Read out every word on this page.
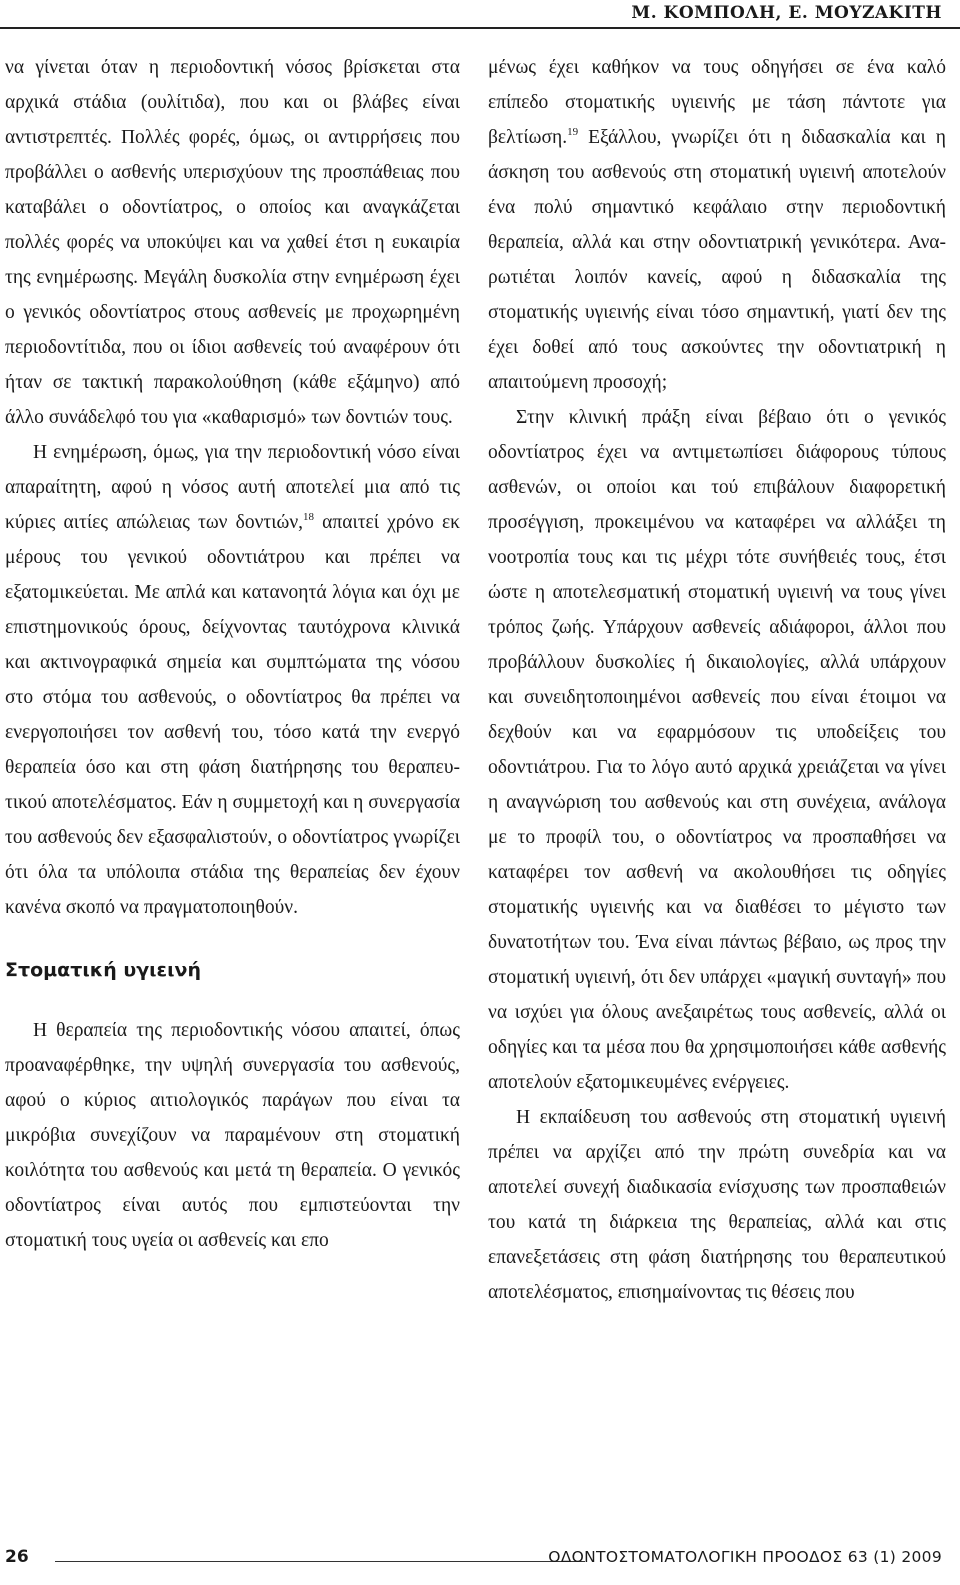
Μ. ΚΟΜΠΟΛΗ, Ε. ΜΟΥΖΑΚΙΤΗ

να γίνεται όταν η περιοδοντική νόσος βρίσκεται στα αρχικά στάδια (ουλίτιδα), που και οι βλάβες είναι αντιστρεπτές. Πολλές φορές, όμως, οι αντιρρήσεις που προβάλλει ο ασθενής υπερισχύουν της προσπάθειας που καταβάλει ο οδοντίατρος, ο οποίος και αναγκάζεται πολλές φορές να υποκύψει και να χαθεί έτσι η ευκαιρία της ενημέρωσης. Μεγάλη δυσκολία στην ενημέρωση έχει ο γενικός οδοντίατρος στους ασθενείς με προχωρημένη περιοδοντίτιδα, που οι ίδιοι ασθενείς τού αναφέρουν ότι ήταν σε τακτική παρακολούθηση (κάθε εξάμηνο) από άλλο συνάδελφό του για «καθαρισμό» των δοντιών τους.

Η ενημέρωση, όμως, για την περιοδοντική νόσο είναι απαραίτητη, αφού η νόσος αυτή αποτελεί μια από τις κύριες αιτίες απώλειας των δοντιών,$^{18}$ απαιτεί χρόνο εκ μέρους του γενικού οδοντιάτρου και πρέπει να εξατομικεύεται. Με απλά και κατανοητά λόγια και όχι με επιστημονικούς όρους, δείχνοντας ταυτόχρονα κλινικά και ακτινογραφικά σημεία και συμπτώματα της νόσου στο στόμα του ασθενούς, ο οδοντίατρος θα πρέπει να ενεργοποιήσει τον ασθενή του, τόσο κατά την ενεργό θεραπεία όσο και στη φάση διατήρησης του θεραπευτικού αποτελέσματος. Εάν η συμμετοχή και η συνεργασία του ασθενούς δεν εξασφαλιστούν, ο οδοντίατρος γνωρίζει ότι όλα τα υπόλοιπα στάδια της θεραπείας δεν έχουν κανένα σκοπό να πραγματοποιηθούν.

Στοματική υγιεινή

Η θεραπεία της περιοδοντικής νόσου απαιτεί, όπως προαναφέρθηκε, την υψηλή συνεργασία του ασθενούς, αφού ο κύριος αιτιολογικός παράγων που είναι τα μικρόβια συνεχίζουν να παραμένουν στη στοματική κοιλότητα του ασθενούς και μετά τη θεραπεία. Ο γενικός οδοντίατρος είναι αυτός που εμπιστεύονται την στοματική τους υγεία οι ασθενείς και επο

μένως έχει καθήκον να τους οδηγήσει σε ένα καλό επίπεδο στοματικής υγιεινής με τάση πάντοτε για βελτίωση.$^{19}$ Εξάλλου, γνωρίζει ότι η διδασκαλία και η άσκηση του ασθενούς στη στοματική υγιεινή αποτελούν ένα πολύ σημαντικό κεφάλαιο στην περιοδοντική θεραπεία, αλλά και στην οδοντιατρική γενικότερα. Αναρωτιέται λοιπόν κανείς, αφού η διδασκαλία της στοματικής υγιεινής είναι τόσο σημαντική, γιατί δεν της έχει δοθεί από τους ασκούντες την οδοντιατρική η απαιτούμενη προσοχή;

Στην κλινική πράξη είναι βέβαιο ότι ο γενικός οδοντίατρος έχει να αντιμετωπίσει διάφορους τύπους ασθενών, οι οποίοι και τού επιβάλουν διαφορετική προσέγγιση, προκειμένου να καταφέρει να αλλάξει τη νοοτροπία τους και τις μέχρι τότε συνήθειές τους, έτσι ώστε η αποτελεσματική στοματική υγιεινή να τους γίνει τρόπος ζωής. Υπάρχουν ασθενείς αδιάφοροι, άλλοι που προβάλλουν δυσκολίες ή δικαιολογίες, αλλά υπάρχουν και συνειδητοποιημένοι ασθενείς που είναι έτοιμοι να δεχθούν και να εφαρμόσουν τις υποδείξεις του οδοντιάτρου. Για το λόγο αυτό αρχικά χρειάζεται να γίνει η αναγνώριση του ασθενούς και στη συνέχεια, ανάλογα με το προφίλ του, ο οδοντίατρος να προσπαθήσει να καταφέρει τον ασθενή να ακολουθήσει τις οδηγίες στοματικής υγιεινής και να διαθέσει το μέγιστο των δυνατοτήτων του. Ένα είναι πάντως βέβαιο, ως προς την στοματική υγιεινή, ότι δεν υπάρχει «μαγική συνταγή» που να ισχύει για όλους ανεξαιρέτως τους ασθενείς, αλλά οι οδηγίες και τα μέσα που θα χρησιμοποιήσει κάθε ασθενής αποτελούν εξατομικευμένες ενέργειες.

Η εκπαίδευση του ασθενούς στη στοματική υγιεινή πρέπει να αρχίζει από την πρώτη συνεδρία και να αποτελεί συνεχή διαδικασία ενίσχυσης των προσπαθειών του κατά τη διάρκεια της θεραπείας, αλλά και στις επανεξετάσεις στη φάση διατήρησης του θεραπευτικού αποτελέσματος, επισημαίνοντας τις θέσεις που

26	ΟΔΟΝΤΟΣΤΟΜΑΤΟΛΟΓΙΚΗ ΠΡΟΟΔΟΣ 63 (1) 2009
